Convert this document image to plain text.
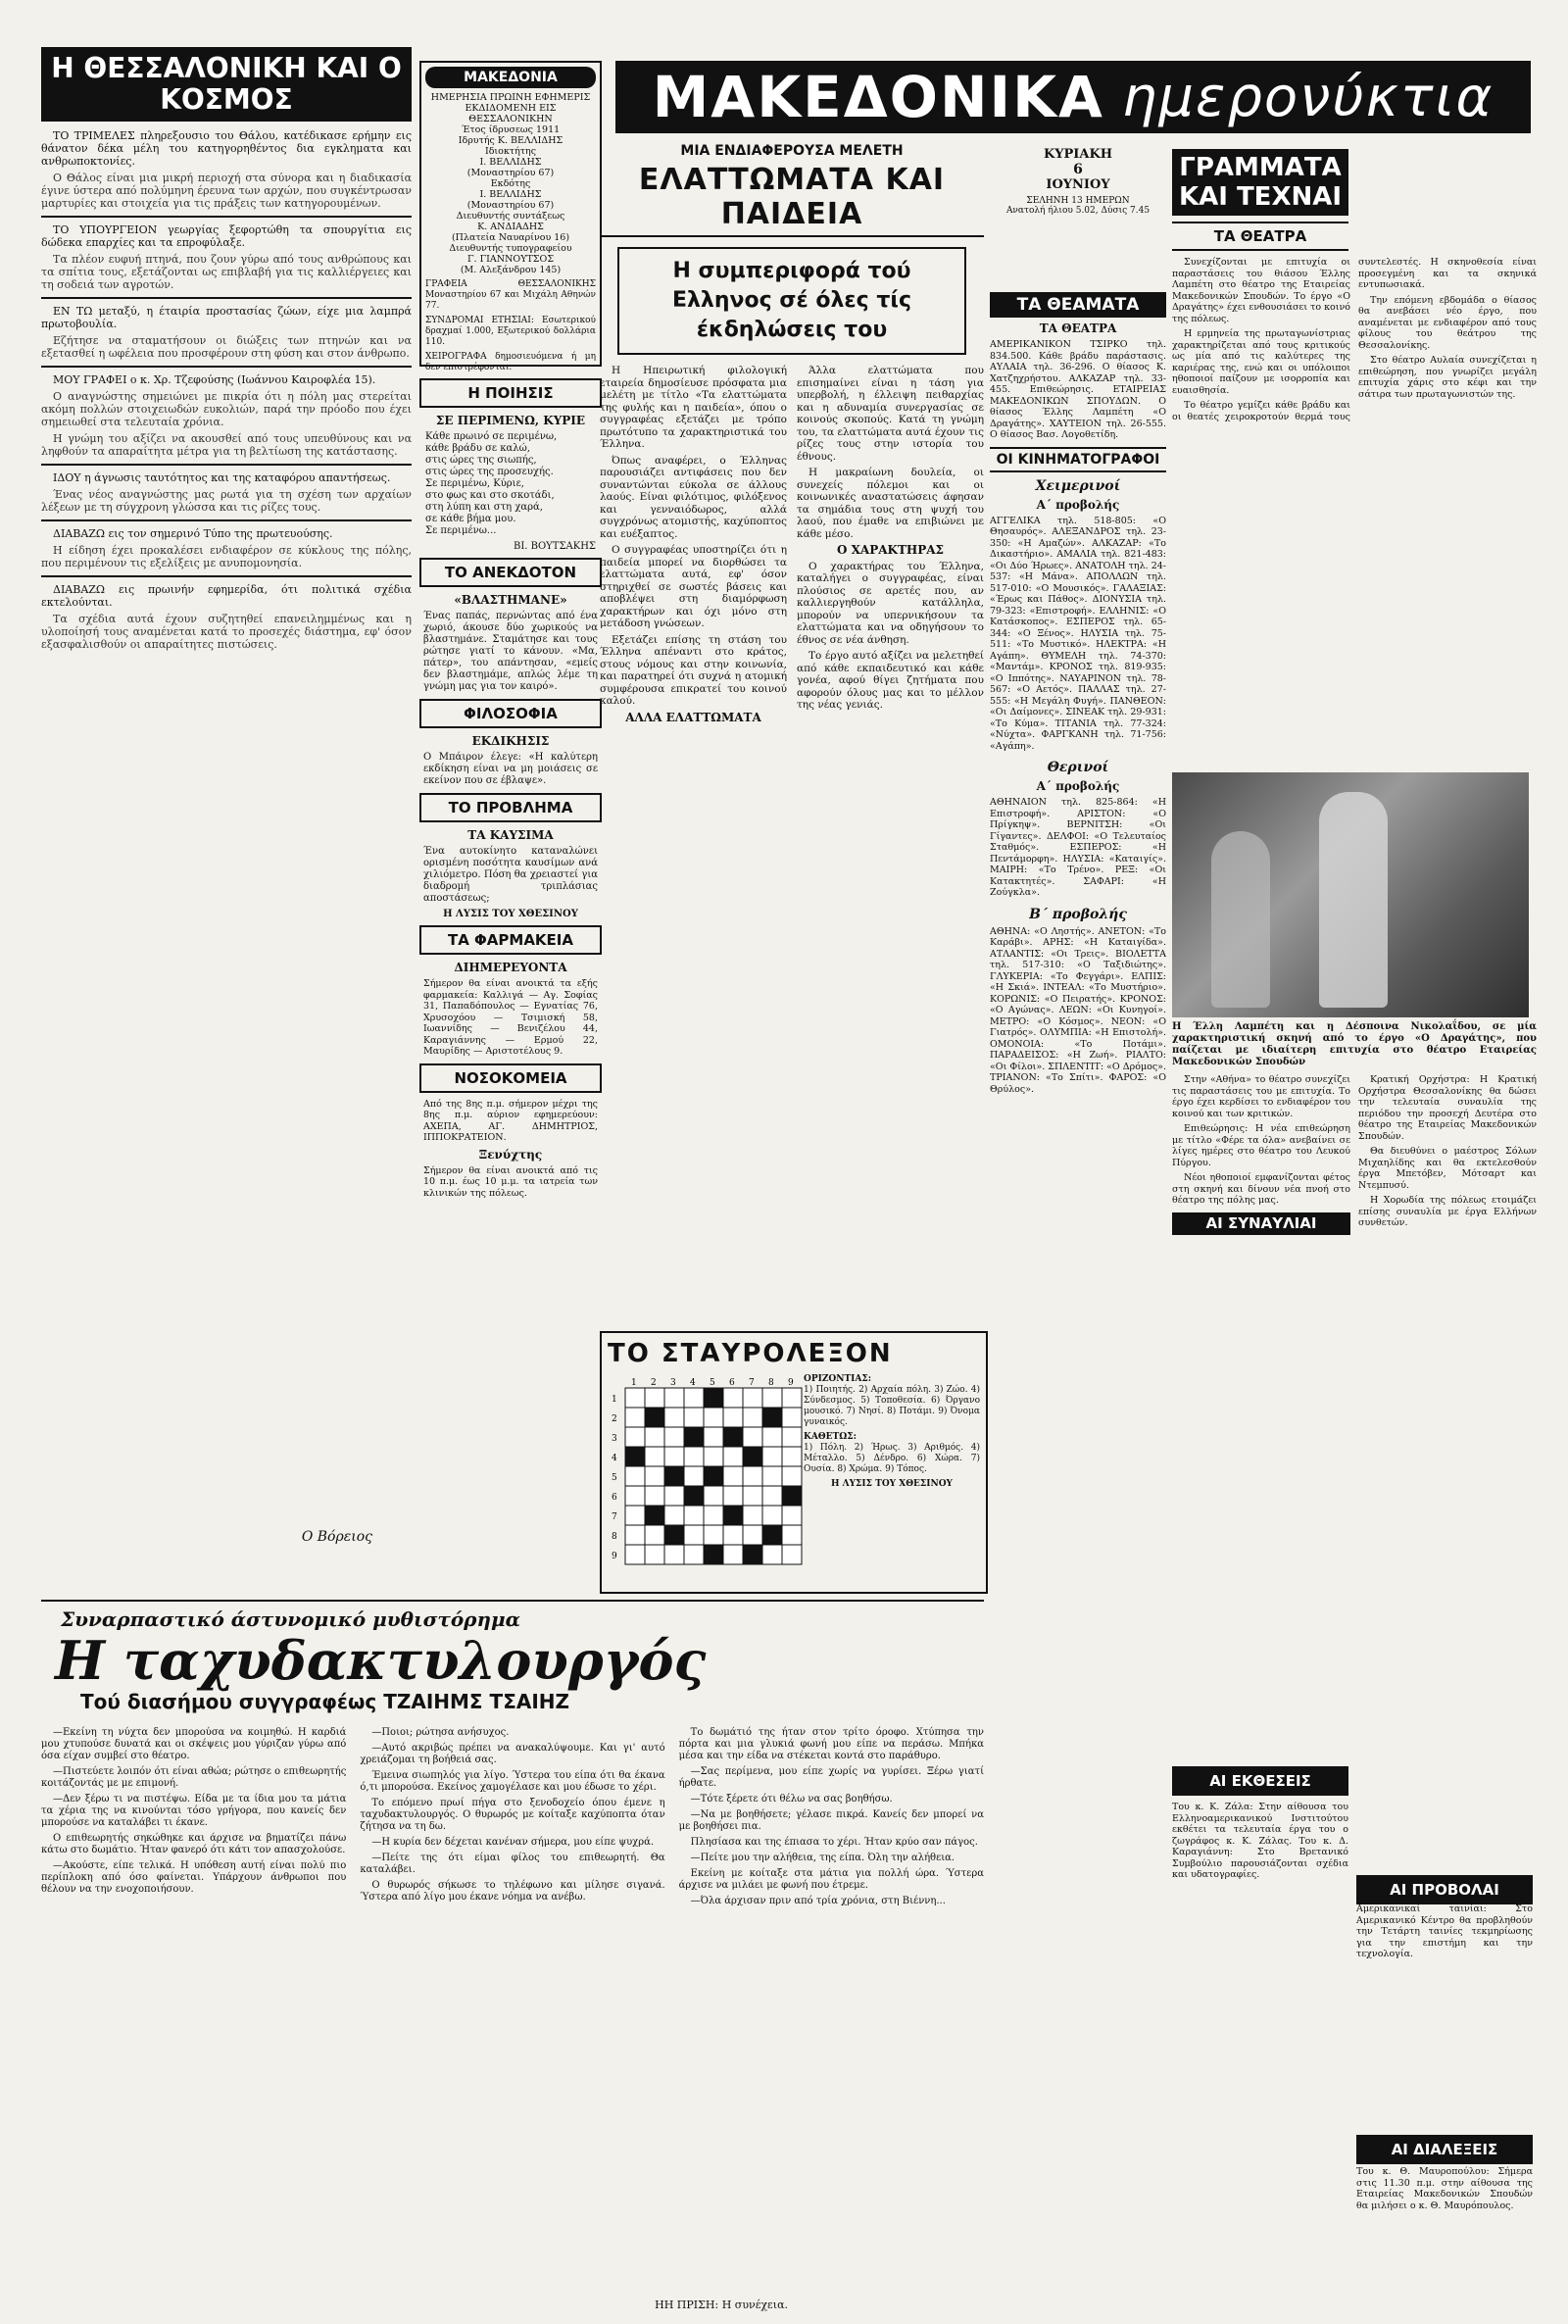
Η ΘΕΣΣΑΛΟΝΙΚΗ ΚΑΙ Ο ΚΟΣΜΟΣ

ΤΟ ΤΡΙΜΕΛΕΣ πληρεξουσιο του Θάλου, κατέδικασε ερήμην εις θάνατον δέκα μέλη του κατηγορηθέντος δια εγκληματα και ανθρωποκτονίες.

Ο Θάλος είναι μια μικρή περιοχή στα σύνορα και η διαδικασία έγινε ύστερα από πολύμηνη έρευνα των αρχών, που συγκέντρωσαν μαρτυρίες και στοιχεία για τις πράξεις των κατηγορουμένων.

ΤΟ ΥΠΟΥΡΓΕΙΟΝ γεωργίας ξεφορτώθη τα σπουργίτια εις δώδεκα επαρχίες και τα επροφύλαξε.

Τα πλέον ευφυή πτηνά, που ζουν γύρω από τους ανθρώπους και τα σπίτια τους, εξετάζονται ως επιβλαβή για τις καλλιέργειες και τη σοδειά των αγροτών.

ΕΝ ΤΩ μεταξύ, η έταιρία προστασίας ζώων, είχε μια λαμπρά πρωτοβουλία.

Εζήτησε να σταματήσουν οι διώξεις των πτηνών και να εξετασθεί η ωφέλεια που προσφέρουν στη φύση και στον άνθρωπο.

ΜΟΥ ΓΡΑΦΕΙ ο κ. Χρ. Τζεφούσης (Ιωάννου Καιροφλέα 15).

Ο αναγνώστης σημειώνει με πικρία ότι η πόλη μας στερείται ακόμη πολλών στοιχειωδών ευκολιών, παρά την πρόοδο που έχει σημειωθεί στα τελευταία χρόνια.

Η γνώμη του αξίζει να ακουσθεί από τους υπευθύνους και να ληφθούν τα απαραίτητα μέτρα για τη βελτίωση της κατάστασης.

ΙΔΟΥ η άγνωσις ταυτότητος και της καταφόρου απαντήσεως.

Ένας νέος αναγνώστης μας ρωτά για τη σχέση των αρχαίων λέξεων με τη σύγχρονη γλώσσα και τις ρίζες τους.

ΔΙΑΒΑΖΩ εις τον σημερινό Τύπο της πρωτευούσης.

Η είδηση έχει προκαλέσει ενδιαφέρον σε κύκλους της πόλης, που περιμένουν τις εξελίξεις με ανυπομονησία.

ΔΙΑΒΑΖΩ εις πρωινήν εφημερίδα, ότι πολιτικά σχέδια εκτελούνται.

Τα σχέδια αυτά έχουν συζητηθεί επανειλημμένως και η υλοποίησή τους αναμένεται κατά το προσεχές διάστημα, εφ' όσον εξασφαλισθούν οι απαραίτητες πιστώσεις.

Ο Βόρειος
ΜΑΚΕΔΟΝΙΑ
ΗΜΕΡΗΣΙΑ ΠΡΩΙΝΗ ΕΦΗΜΕΡΙΣ
ΕΚΔΙΔΟΜΕΝΗ ΕΙΣ ΘΕΣΣΑΛΟΝΙΚΗΝ
Έτος ίδρυσεως 1911
Ιδρυτής Κ. ΒΕΛΛΙΔΗΣ
Ιδιοκτήτης
Ι. ΒΕΛΛΙΔΗΣ
(Μοναστηρίου 67)
Εκδότης
Ι. ΒΕΛΛΙΔΗΣ
(Μοναστηρίου 67)
Διευθυντής συντάξεως
Κ. ΑΝΔΙΑΔΗΣ
(Πλατεία Ναυαρίνου 16)
Διευθυντής τυπογραφείου
Γ. ΓΙΑΝΝΟΥΤΣΟΣ
(Μ. Αλεξάνδρου 145)
ΓΡΑΦΕΙΑ ΘΕΣΣΑΛΟΝΙΚΗΣ Μοναστηρίου 67 και Μιχάλη Αθηνών 77.
ΣΥΝΔΡΟΜΑΙ ΕΤΗΣΙΑΙ: Εσωτερικού δραχμαί 1.000, Εξωτερικού δολλάρια 110.
ΧΕΙΡΟΓΡΑΦΑ δημοσιευόμενα ή μη δεν επιστρέφονται.
Η ΠΟΙΗΣΙΣ
ΣΕ ΠΕΡΙΜΕΝΩ, ΚΥΡΙΕ
Κάθε πρωινό σε περιμένω,
κάθε βράδυ σε καλώ,
στις ώρες της σιωπής,
στις ώρες της προσευχής.
Σε περιμένω, Κύριε,
στο φως και στο σκοτάδι,
στη λύπη και στη χαρά,
σε κάθε βήμα μου.
Σε περιμένω...
ΒΙ. ΒΟΥΤΣΑΚΗΣ
ΤΟ ΑΝΕΚΔΟΤΟΝ
«ΒΛΑΣΤΗΜΑΝΕ»
Ένας παπάς, περνώντας από ένα χωριό, άκουσε δύο χωρικούς να βλαστημάνε. Σταμάτησε και τους ρώτησε γιατί το κάνουν. «Μα, πάτερ», του απάντησαν, «εμείς δεν βλαστημάμε, απλώς λέμε τη γνώμη μας για τον καιρό».
ΦΙΛΟΣΟΦΙΑ
ΕΚΔΙΚΗΣΙΣ
Ο Μπάιρον έλεγε: «Η καλύτερη εκδίκηση είναι να μη μοιάσεις σε εκείνον που σε έβλαψε».
ΤΟ ΠΡΟΒΛΗΜΑ
ΤΑ ΚΑΥΣΙΜΑ
Ένα αυτοκίνητο καταναλώνει ορισμένη ποσότητα καυσίμων ανά χιλιόμετρο. Πόση θα χρειαστεί για διαδρομή τριπλάσιας αποστάσεως;
Η ΛΥΣΙΣ ΤΟΥ ΧΘΕΣΙΝΟΥ
ΤΑ ΦΑΡΜΑΚΕΙΑ
ΔΙΗΜΕΡΕΥΟΝΤΑ
Σήμερον θα είναι ανοικτά τα εξής φαρμακεία: Καλλιγά — Αγ. Σοφίας 31, Παπαδόπουλος — Εγνατίας 76, Χρυσοχόου — Τσιμισκή 58, Ιωαννίδης — Βενιζέλου 44, Καραγιάννης — Ερμού 22, Μαυρίδης — Αριστοτέλους 9.
ΝΟΣΟΚΟΜΕΙΑ
Από της 8ης π.μ. σήμερον μέχρι της 8ης π.μ. αύριον εφημερεύουν: ΑΧΕΠΑ, ΑΓ. ΔΗΜΗΤΡΙΟΣ, ΙΠΠΟΚΡΑΤΕΙΟΝ.
Ξενύχτης
Σήμερον θα είναι ανοικτά από τις 10 π.μ. έως 10 μ.μ. τα ιατρεία των κλινικών της πόλεως.
ΜΑΚΕΔΟΝΙΚΑ ημερονύκτια
ΜΙΑ ΕΝΔΙΑΦΕΡΟΥΣΑ ΜΕΛΕΤΗ
ΕΛΑΤΤΩΜΑΤΑ ΚΑΙ ΠΑΙΔΕΙΑ
Η συμπεριφορά τού Ελληνος σέ όλες τίς έκδηλώσεις του

Η Ηπειρωτική φιλολογική εταιρεία δημοσίευσε πρόσφατα μια μελέτη με τίτλο «Τα ελαττώματα της φυλής και η παιδεία», όπου ο συγγραφέας εξετάζει με τρόπο πρωτότυπο τα χαρακτηριστικά του Έλληνα.

Όπως αναφέρει, ο Έλληνας παρουσιάζει αντιφάσεις που δεν συναντώνται εύκολα σε άλλους λαούς. Είναι φιλότιμος, φιλόξενος και γενναιόδωρος, αλλά συγχρόνως ατομιστής, καχύποπτος και ευέξαπτος.

Ο συγγραφέας υποστηρίζει ότι η παιδεία μπορεί να διορθώσει τα ελαττώματα αυτά, εφ' όσον στηριχθεί σε σωστές βάσεις και αποβλέψει στη διαμόρφωση χαρακτήρων και όχι μόνο στη μετάδοση γνώσεων.

Εξετάζει επίσης τη στάση του Έλληνα απέναντι στο κράτος, στους νόμους και στην κοινωνία, και παρατηρεί ότι συχνά η ατομική συμφέρουσα επικρατεί του κοινού καλού.

ΑΛΛΑ ΕΛΑΤΤΩΜΑΤΑ

Άλλα ελαττώματα που επισημαίνει είναι η τάση για υπερβολή, η έλλειψη πειθαρχίας και η αδυναμία συνεργασίας σε κοινούς σκοπούς. Κατά τη γνώμη του, τα ελαττώματα αυτά έχουν τις ρίζες τους στην ιστορία του έθνους.

Η μακραίωνη δουλεία, οι συνεχείς πόλεμοι και οι κοινωνικές αναστατώσεις άφησαν τα σημάδια τους στη ψυχή του λαού, που έμαθε να επιβιώνει με κάθε μέσο.

Ο ΧΑΡΑΚΤΗΡΑΣ

Ο χαρακτήρας του Έλληνα, καταλήγει ο συγγραφέας, είναι πλούσιος σε αρετές που, αν καλλιεργηθούν κατάλληλα, μπορούν να υπερνικήσουν τα ελαττώματα και να οδηγήσουν το έθνος σε νέα άνθηση.

Το έργο αυτό αξίζει να μελετηθεί από κάθε εκπαιδευτικό και κάθε γονέα, αφού θίγει ζητήματα που αφορούν όλους μας και το μέλλον της νέας γενιάς.

ΚΥΡΙΑΚΗ
6
ΙΟΥΝΙΟΥ
ΣΕΛΗΝΗ 13 ΗΜΕΡΩΝ
Ανατολή ήλιου 5.02, Δύσις 7.45
ΤΑ ΘΕΑΜΑΤΑ
ΤΑ ΘΕΑΤΡΑ
ΑΜΕΡΙΚΑΝΙΚΟΝ ΤΣΙΡΚΟ τηλ. 834.500. Κάθε βράδυ παράστασις. ΑΥΛΑΙΑ τηλ. 36-296. Ο θίασος Κ. Χατζηχρήστου. ΑΛΚΑΖΑΡ τηλ. 33-455. Επιθεώρησις. ΕΤΑΙΡΕΙΑΣ ΜΑΚΕΔΟΝΙΚΩΝ ΣΠΟΥΔΩΝ. Ο θίασος Έλλης Λαμπέτη «Ο Δραγάτης». ΧΑΥΤΕΙΟΝ τηλ. 26-555. Ο θίασος Βασ. Λογοθετίδη.
ΟΙ ΚΙΝΗΜΑΤΟΓΡΑΦΟΙ
Χειμερινοί
Α΄ προβολής
ΑΓΓΕΛΙΚΑ τηλ. 518-805: «Ο Θησαυρός». ΑΛΕΞΑΝΔΡΟΣ τηλ. 23-350: «Η Αμαζών». ΑΛΚΑΖΑΡ: «Το Δικαστήριο». ΑΜΑΛΙΑ τηλ. 821-483: «Οι Δύο Ήρωες». ΑΝΑΤΟΛΗ τηλ. 24-537: «Η Μάνα». ΑΠΟΛΛΩΝ τηλ. 517-010: «Ο Μουσικός». ΓΑΛΑΞΙΑΣ: «Έρως και Πάθος». ΔΙΟΝΥΣΙΑ τηλ. 79-323: «Επιστροφή». ΕΛΛΗΝΙΣ: «Ο Κατάσκοπος». ΕΣΠΕΡΟΣ τηλ. 65-344: «Ο Ξένος». ΗΛΥΣΙΑ τηλ. 75-511: «Το Μυστικό». ΗΛΕΚΤΡΑ: «Η Αγάπη». ΘΥΜΕΛΗ τηλ. 74-370: «Μαντάμ». ΚΡΟΝΟΣ τηλ. 819-935: «Ο Ιππότης». ΝΑΥΑΡΙΝΟΝ τηλ. 78-567: «Ο Αετός». ΠΑΛΛΑΣ τηλ. 27-555: «Η Μεγάλη Φυγή». ΠΑΝΘΕΟΝ: «Οι Δαίμονες». ΣΙΝΕΑΚ τηλ. 29-931: «Το Κύμα». ΤΙΤΑΝΙΑ τηλ. 77-324: «Νύχτα». ΦΑΡΓΚΑΝΗ τηλ. 71-756: «Αγάπη».
Θερινοί
Α΄ προβολής
ΑΘΗΝΑΙΟΝ τηλ. 825-864: «Η Επιστροφή». ΑΡΙΣΤΟΝ: «Ο Πρίγκηψ». ΒΕΡΝΙΤΣΗ: «Οι Γίγαντες». ΔΕΛΦΟΙ: «Ο Τελευταίος Σταθμός». ΕΣΠΕΡΟΣ: «Η Πεντάμορφη». ΗΛΥΣΙΑ: «Καταιγίς». ΜΑΙΡΗ: «Το Τρένο». ΡΕΞ: «Οι Κατακτητές». ΣΑΦΑΡΙ: «Η Ζούγκλα».
Β΄ προβολής
ΑΘΗΝΑ: «Ο Ληστής». ΑΝΕΤΟΝ: «Το Καράβι». ΑΡΗΣ: «Η Καταιγίδα». ΑΤΛΑΝΤΙΣ: «Οι Τρεις». ΒΙΟΛΕΤΤΑ τηλ. 517-310: «Ο Ταξιδιώτης». ΓΛΥΚΕΡΙΑ: «Το Φεγγάρι». ΕΛΠΙΣ: «Η Σκιά». ΙΝΤΕΑΛ: «Το Μυστήριο». ΚΟΡΩΝΙΣ: «Ο Πειρατής». ΚΡΟΝΟΣ: «Ο Αγώνας». ΛΕΩΝ: «Οι Κυνηγοί». ΜΕΤΡΟ: «Ο Κόσμος». ΝΕΟΝ: «Ο Γιατρός». ΟΛΥΜΠΙΑ: «Η Επιστολή». ΟΜΟΝΟΙΑ: «Το Ποτάμι». ΠΑΡΑΔΕΙΣΟΣ: «Η Ζωή». ΡΙΑΛΤΟ: «Οι Φίλοι». ΣΠΛΕΝΤΙΤ: «Ο Δρόμος». ΤΡΙΑΝΟΝ: «Το Σπίτι». ΦΑΡΟΣ: «Ο Θρύλος».
ΓΡΑΜΜΑΤΑ ΚΑΙ ΤΕΧΝΑΙ
ΤΑ ΘΕΑΤΡΑ

Συνεχίζονται με επιτυχία οι παραστάσεις του θιάσου Έλλης Λαμπέτη στο θέατρο της Εταιρείας Μακεδονικών Σπουδών. Το έργο «Ο Δραγάτης» έχει ενθουσιάσει το κοινό της πόλεως.

Η ερμηνεία της πρωταγωνίστριας χαρακτηρίζεται από τους κριτικούς ως μία από τις καλύτερες της καριέρας της, ενώ και οι υπόλοιποι ηθοποιοί παίζουν με ισορροπία και ευαισθησία.

Το θέατρο γεμίζει κάθε βράδυ και οι θεατές χειροκροτούν θερμά τους συντελεστές. Η σκηνοθεσία είναι προσεγμένη και τα σκηνικά εντυπωσιακά.

Την επόμενη εβδομάδα ο θίασος θα ανεβάσει νέο έργο, που αναμένεται με ενδιαφέρον από τους φίλους του θεάτρου της Θεσσαλονίκης.

Στο θέατρο Αυλαία συνεχίζεται η επιθεώρηση, που γνωρίζει μεγάλη επιτυχία χάρις στο κέφι και την σάτιρα των πρωταγωνιστών της.

Η Έλλη Λαμπέτη και η Δέσποινα Νικολαΐδου, σε μία χαρακτηριστική σκηνή από το έργο «Ο Δραγάτης», που παίζεται με ιδιαίτερη επιτυχία στο θέατρο Εταιρείας Μακεδονικών Σπουδών

Στην «Αθήνα» το θέατρο συνεχίζει τις παραστάσεις του με επιτυχία. Το έργο έχει κερδίσει το ενδιαφέρον του κοινού και των κριτικών.

Επιθεώρησις: Η νέα επιθεώρηση με τίτλο «Φέρε τα όλα» ανεβαίνει σε λίγες ημέρες στο θέατρο του Λευκού Πύργου.

Νέοι ηθοποιοί εμφανίζονται φέτος στη σκηνή και δίνουν νέα πνοή στο θέατρο της πόλης μας.

ΑΙ ΣΥΝΑΥΛΙΑΙ

Κρατική Ορχήστρα: Η Κρατική Ορχήστρα Θεσσαλονίκης θα δώσει την τελευταία συναυλία της περιόδου την προσεχή Δευτέρα στο θέατρο της Εταιρείας Μακεδονικών Σπουδών.

Θα διευθύνει ο μαέστρος Σόλων Μιχαηλίδης και θα εκτελεσθούν έργα Μπετόβεν, Μότσαρτ και Ντεμπυσύ.

Η Χορωδία της πόλεως ετοιμάζει επίσης συναυλία με έργα Ελλήνων συνθετών.

ΑΙ ΕΚΘΕΣΕΙΣ
Του κ. Κ. Ζάλα: Στην αίθουσα του Ελληνοαμερικανικού Ινστιτούτου εκθέτει τα τελευταία έργα του ο ζωγράφος κ. Κ. Ζάλας. Του κ. Δ. Καραγιάννη: Στο Βρετανικό Συμβούλιο παρουσιάζονται σχέδια και υδατογραφίες.
ΑΙ ΠΡΟΒΟΛΑΙ
Αμερικανικαί ταινίαι: Στο Αμερικανικό Κέντρο θα προβληθούν την Τετάρτη ταινίες τεκμηρίωσης για την επιστήμη και την τεχνολογία.
ΑΙ ΔΙΑΛΕΞΕΙΣ
Του κ. Θ. Μαυροπούλου: Σήμερα στις 11.30 π.μ. στην αίθουσα της Εταιρείας Μακεδονικών Σπουδών θα μιλήσει ο κ. Θ. Μαυρόπουλος.
ΤΟ ΣΤΑΥΡΟΛΕΞΟΝ
1 2 3 4 5 6 7 8 9
1
2
3
4
5
6
7
8
9
ΟΡΙΖΟΝΤΙΑΣ:
1) Ποιητής. 2) Αρχαία πόλη. 3) Ζώο. 4) Σύνδεσμος. 5) Τοποθεσία. 6) Όργανο μουσικό. 7) Νησί. 8) Ποτάμι. 9) Όνομα γυναικός.
ΚΑΘΕΤΩΣ:
1) Πόλη. 2) Ήρως. 3) Αριθμός. 4) Μέταλλο. 5) Δένδρο. 6) Χώρα. 7) Ουσία. 8) Χρώμα. 9) Τόπος.
Η ΛΥΣΙΣ ΤΟΥ ΧΘΕΣΙΝΟΥ
Συναρπαστικό άστυνομικό μυθιστόρημα
Η ταχυδακτυλουργός
Τού διασήμου συγγραφέως ΤΖΑΙΗΜΣ ΤΣΑΙΗΖ

—Εκείνη τη νύχτα δεν μπορούσα να κοιμηθώ. Η καρδιά μου χτυπούσε δυνατά και οι σκέψεις μου γύριζαν γύρω από όσα είχαν συμβεί στο θέατρο.

—Πιστεύετε λοιπόν ότι είναι αθώα; ρώτησε ο επιθεωρητής κοιτάζοντάς με με επιμονή.

—Δεν ξέρω τι να πιστέψω. Είδα με τα ίδια μου τα μάτια τα χέρια της να κινούνται τόσο γρήγορα, που κανείς δεν μπορούσε να καταλάβει τι έκανε.

Ο επιθεωρητής σηκώθηκε και άρχισε να βηματίζει πάνω κάτω στο δωμάτιο. Ήταν φανερό ότι κάτι τον απασχολούσε.

—Ακούστε, είπε τελικά. Η υπόθεση αυτή είναι πολύ πιο περίπλοκη από όσο φαίνεται. Υπάρχουν άνθρωποι που θέλουν να την ενοχοποιήσουν.

—Ποιοι; ρώτησα ανήσυχος.

—Αυτό ακριβώς πρέπει να ανακαλύψουμε. Και γι' αυτό χρειάζομαι τη βοήθειά σας.

Έμεινα σιωπηλός για λίγο. Ύστερα του είπα ότι θα έκανα ό,τι μπορούσα. Εκείνος χαμογέλασε και μου έδωσε το χέρι.

Το επόμενο πρωί πήγα στο ξενοδοχείο όπου έμενε η ταχυδακτυλουργός. Ο θυρωρός με κοίταξε καχύποπτα όταν ζήτησα να τη δω.

—Η κυρία δεν δέχεται κανέναν σήμερα, μου είπε ψυχρά.

—Πείτε της ότι είμαι φίλος του επιθεωρητή. Θα καταλάβει.

Ο θυρωρός σήκωσε το τηλέφωνο και μίλησε σιγανά. Ύστερα από λίγο μου έκανε νόημα να ανέβω.

Το δωμάτιό της ήταν στον τρίτο όροφο. Χτύπησα την πόρτα και μια γλυκιά φωνή μου είπε να περάσω. Μπήκα μέσα και την είδα να στέκεται κοντά στο παράθυρο.

—Σας περίμενα, μου είπε χωρίς να γυρίσει. Ξέρω γιατί ήρθατε.

—Τότε ξέρετε ότι θέλω να σας βοηθήσω.

—Να με βοηθήσετε; γέλασε πικρά. Κανείς δεν μπορεί να με βοηθήσει πια.

Πλησίασα και της έπιασα το χέρι. Ήταν κρύο σαν πάγος.

—Πείτε μου την αλήθεια, της είπα. Όλη την αλήθεια.

Εκείνη με κοίταξε στα μάτια για πολλή ώρα. Ύστερα άρχισε να μιλάει με φωνή που έτρεμε.

—Όλα άρχισαν πριν από τρία χρόνια, στη Βιέννη...

ΗΗ ΠΡΙΣΗ: Η συνέχεια.
